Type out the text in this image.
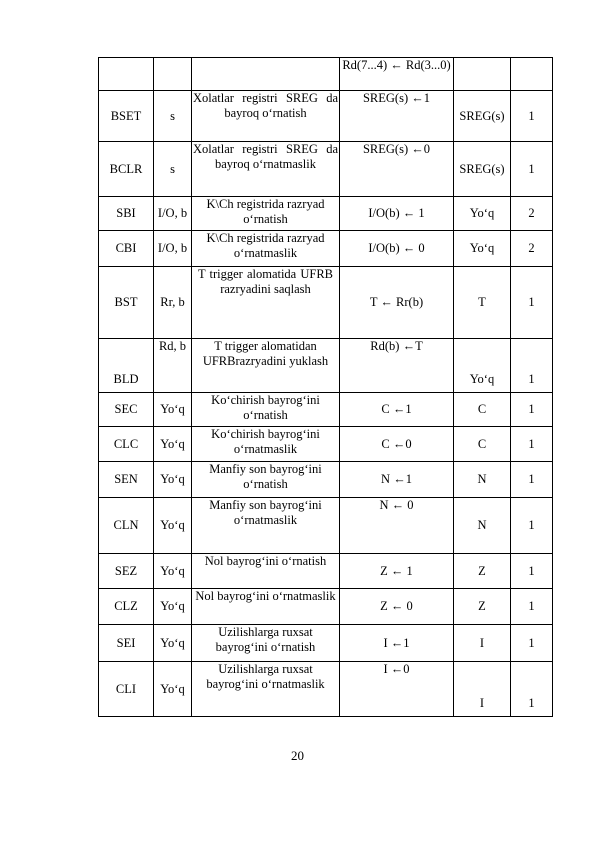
			Rd(7...4) ← Rd(3...0)		
BSET	s	Xolatlar registri SREG da bayroq o‘rnatish	SREG(s) ←1	SREG(s)	1
BCLR	s	Xolatlar registri SREG da bayroq o‘rnatmaslik	SREG(s) ←0	SREG(s)	1
SBI	I/O, b	K\Ch registrida razryad o‘rnatish	I/O(b) ← 1	Yo‘q	2
CBI	I/O, b	K\Ch registrida razryad o‘rnatmaslik	I/O(b) ← 0	Yo‘q	2
BST	Rr, b	T trigger alomatida UFRB razryadini saqlash	T ← Rr(b)	T	1
BLD	Rd, b	T trigger alomatidan UFRBrazryadini yuklash	Rd(b) ←T	Yo‘q	1
SEC	Yo‘q	Ko‘chirish bayrog‘ini o‘rnatish	C ←1	C	1
CLC	Yo‘q	Ko‘chirish bayrog‘ini o‘rnatmaslik	C ←0	C	1
SEN	Yo‘q	Manfiy son bayrog‘ini o‘rnatish	N ←1	N	1
CLN	Yo‘q	Manfiy son bayrog‘ini o‘rnatmaslik	N ← 0	N	1
SEZ	Yo‘q	Nol bayrog‘ini o‘rnatish	Z ← 1	Z	1
CLZ	Yo‘q	Nol bayrog‘ini o‘rnatmaslik	Z ← 0	Z	1
SEI	Yo‘q	Uzilishlarga ruxsat bayrog‘ini o‘rnatish	I ←1	I	1
CLI	Yo‘q	Uzilishlarga ruxsat bayrog‘ini o‘rnatmaslik	I ←0	I	1
20
